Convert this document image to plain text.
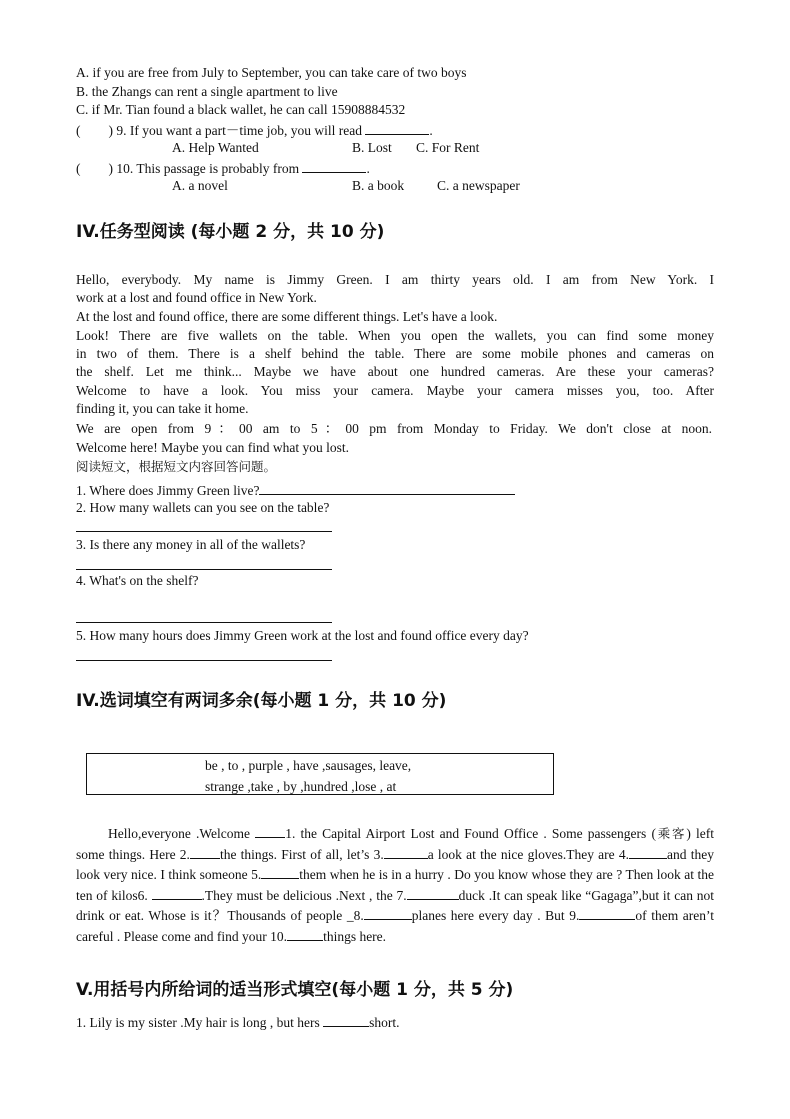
A. if you are free from July to September, you can take care of two boys
B. the Zhangs can rent a single apartment to live
C. if Mr. Tian found a black wallet, he can call 15908884532
( ) 9. If you want a part－time job, you will read	.
A. Help Wanted	B. Lost C. For Rent
( ) 10. This passage is probably from	.
A. a novel	B. a book C. a newspaper
IV.任务型阅读 (每小题 2 分，共 10 分)
Hello, everybody. My name is Jimmy Green. I am thirty years old. I am from New York. I
work at a lost and found office in New York.
At the lost and found office, there are some different things. Let's have a look.
Look! There are five wallets on the table. When you open the wallets, you can find some money
in two of them. There is a shelf behind the table. There are some mobile phones and cameras on
the shelf. Let me think... Maybe we have about one hundred cameras. Are these your cameras?
Welcome to have a look. You miss your camera. Maybe your camera misses you, too. After
finding it, you can take it home.
We are open from 9：00 am to 5：00 pm from Monday to Friday. We don't close at noon.
Welcome here! Maybe you can find what you lost.
阅读短文，根据短文内容回答问题。
1. Where does Jimmy Green live?
2. How many wallets can you see on the table?
3. Is there any money in all of the wallets?
4. What's on the shelf?
5. How many hours does Jimmy Green work at the lost and found office every day?
IV.选词填空有两词多余(每小题 1 分，共 10 分)
be , to , purple , have ,sausages, leave,
strange ,take , by ,hundred ,lose , at
Hello,everyone .Welcome	1. the Capital Airport Lost and Found Office . Some passengers (乘客) left some things. Here 2. the things. First of all, let’s 3.	a look at the nice gloves.They are 4.	and they look very nice. I think someone 5.	them when he is in a hurry . Do you know whose they are ? Then look at the ten of kilos6.	.They must be delicious .Next , the 7.	duck .It can speak like “Gagaga”,but it can not drink or eat. Whose is it？Thousands of people _8.	planes here every day . But 9.	of them aren’t careful . Please come and find your 10.	things here.
V.用括号内所给词的适当形式填空(每小题 1 分，共 5 分)
1. Lily is my sister .My hair is long , but hers	short.
